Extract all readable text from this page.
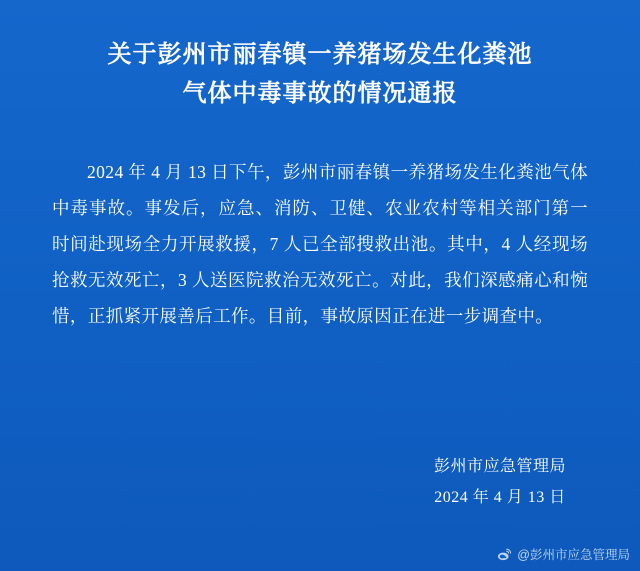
关于彭州市丽春镇一养猪场发生化粪池
气体中毒事故的情况通报

2024 年 4 月 13 日下午，彭州市丽春镇一养猪场发生化粪池气体中毒事故。事发后，应急、消防、卫健、农业农村等相关部门第一时间赴现场全力开展救援，7 人已全部搜救出池。其中，4 人经现场抢救无效死亡，3 人送医院救治无效死亡。对此，我们深感痛心和惋惜，正抓紧开展善后工作。目前，事故原因正在进一步调查中。

彭州市应急管理局
2024 年 4 月 13 日
@彭州市应急管理局
